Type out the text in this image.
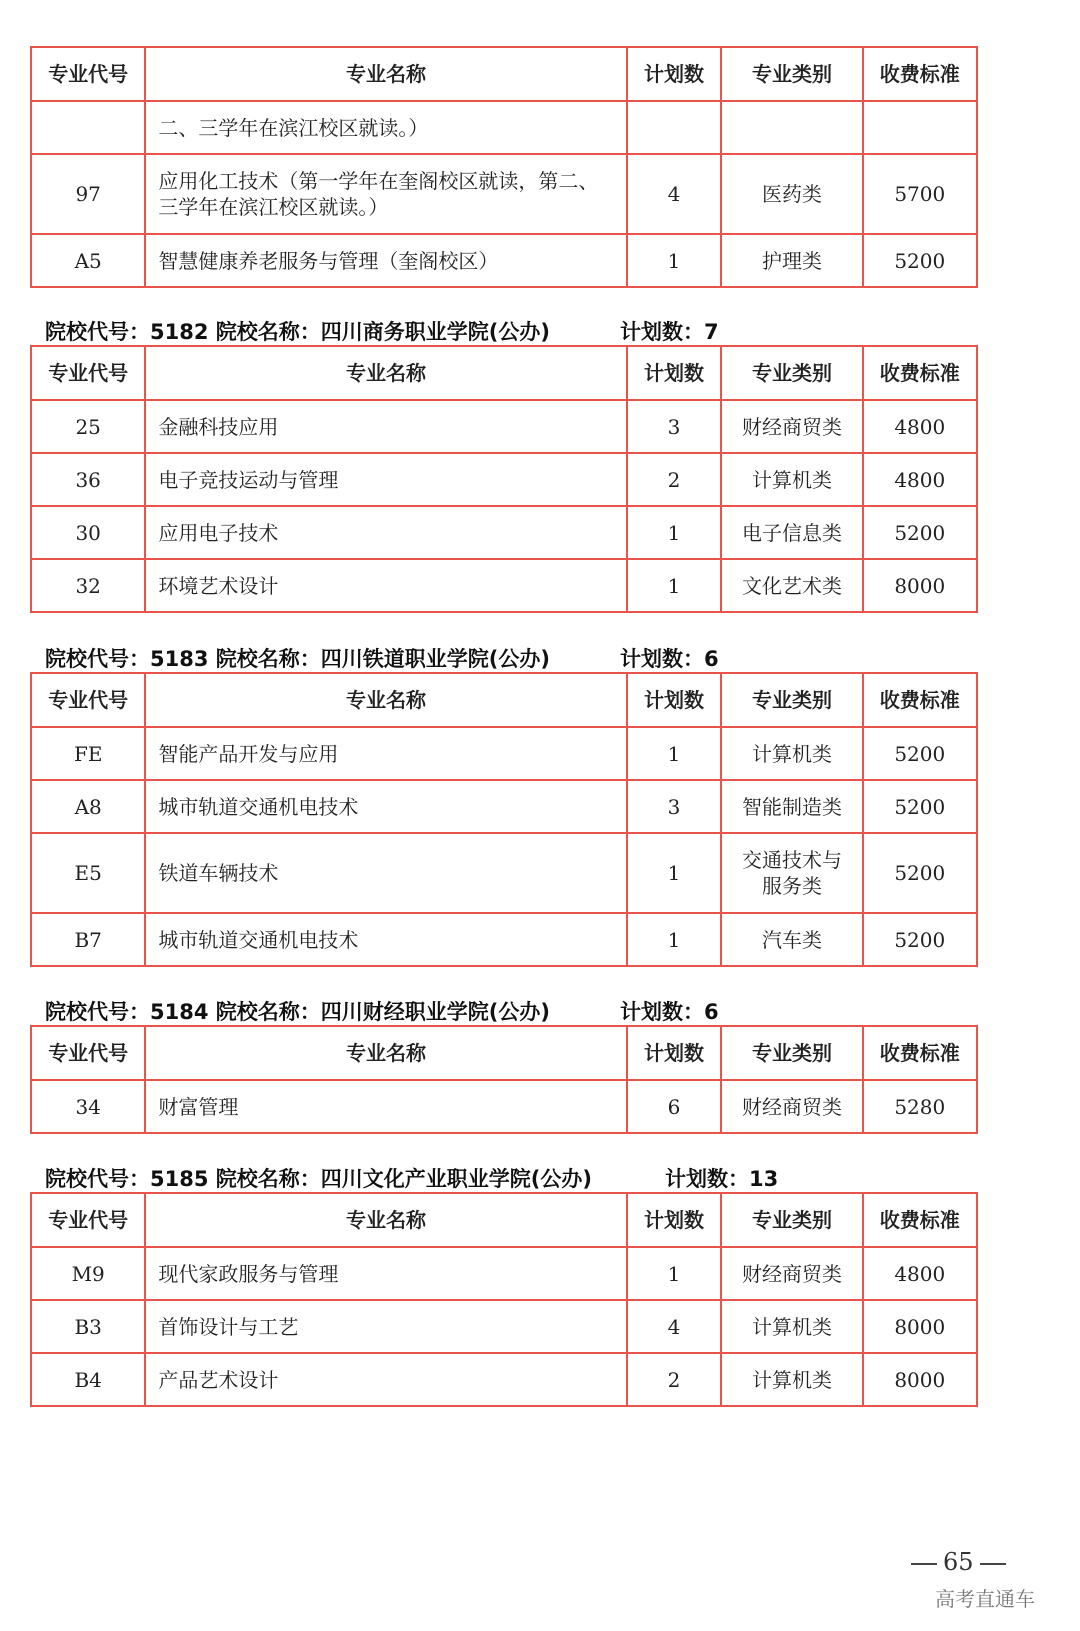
专业代号	专业名称	计划数	专业类别	收费标准
	二、三学年在滨江校区就读。）			
97	应用化工技术（第一学年在奎阁校区就读，第二、三学年在滨江校区就读。）	4	医药类	5700
A5	智慧健康养老服务与管理（奎阁校区）	1	护理类	5200
院校代号：5182 院校名称：四川商务职业学院(公办)	计划数：7
专业代号	专业名称	计划数	专业类别	收费标准
25	金融科技应用	3	财经商贸类	4800
36	电子竞技运动与管理	2	计算机类	4800
30	应用电子技术	1	电子信息类	5200
32	环境艺术设计	1	文化艺术类	8000
院校代号：5183 院校名称：四川铁道职业学院(公办)	计划数：6
专业代号	专业名称	计划数	专业类别	收费标准
FE	智能产品开发与应用	1	计算机类	5200
A8	城市轨道交通机电技术	3	智能制造类	5200
E5	铁道车辆技术	1	交通技术与服务类	5200
B7	城市轨道交通机电技术	1	汽车类	5200
院校代号：5184 院校名称：四川财经职业学院(公办)	计划数：6
专业代号	专业名称	计划数	专业类别	收费标准
34	财富管理	6	财经商贸类	5280
院校代号：5185 院校名称：四川文化产业职业学院(公办)	计划数：13
专业代号	专业名称	计划数	专业类别	收费标准
M9	现代家政服务与管理	1	财经商贸类	4800
B3	首饰设计与工艺	4	计算机类	8000
B4	产品艺术设计	2	计算机类	8000
65
高考直通车
